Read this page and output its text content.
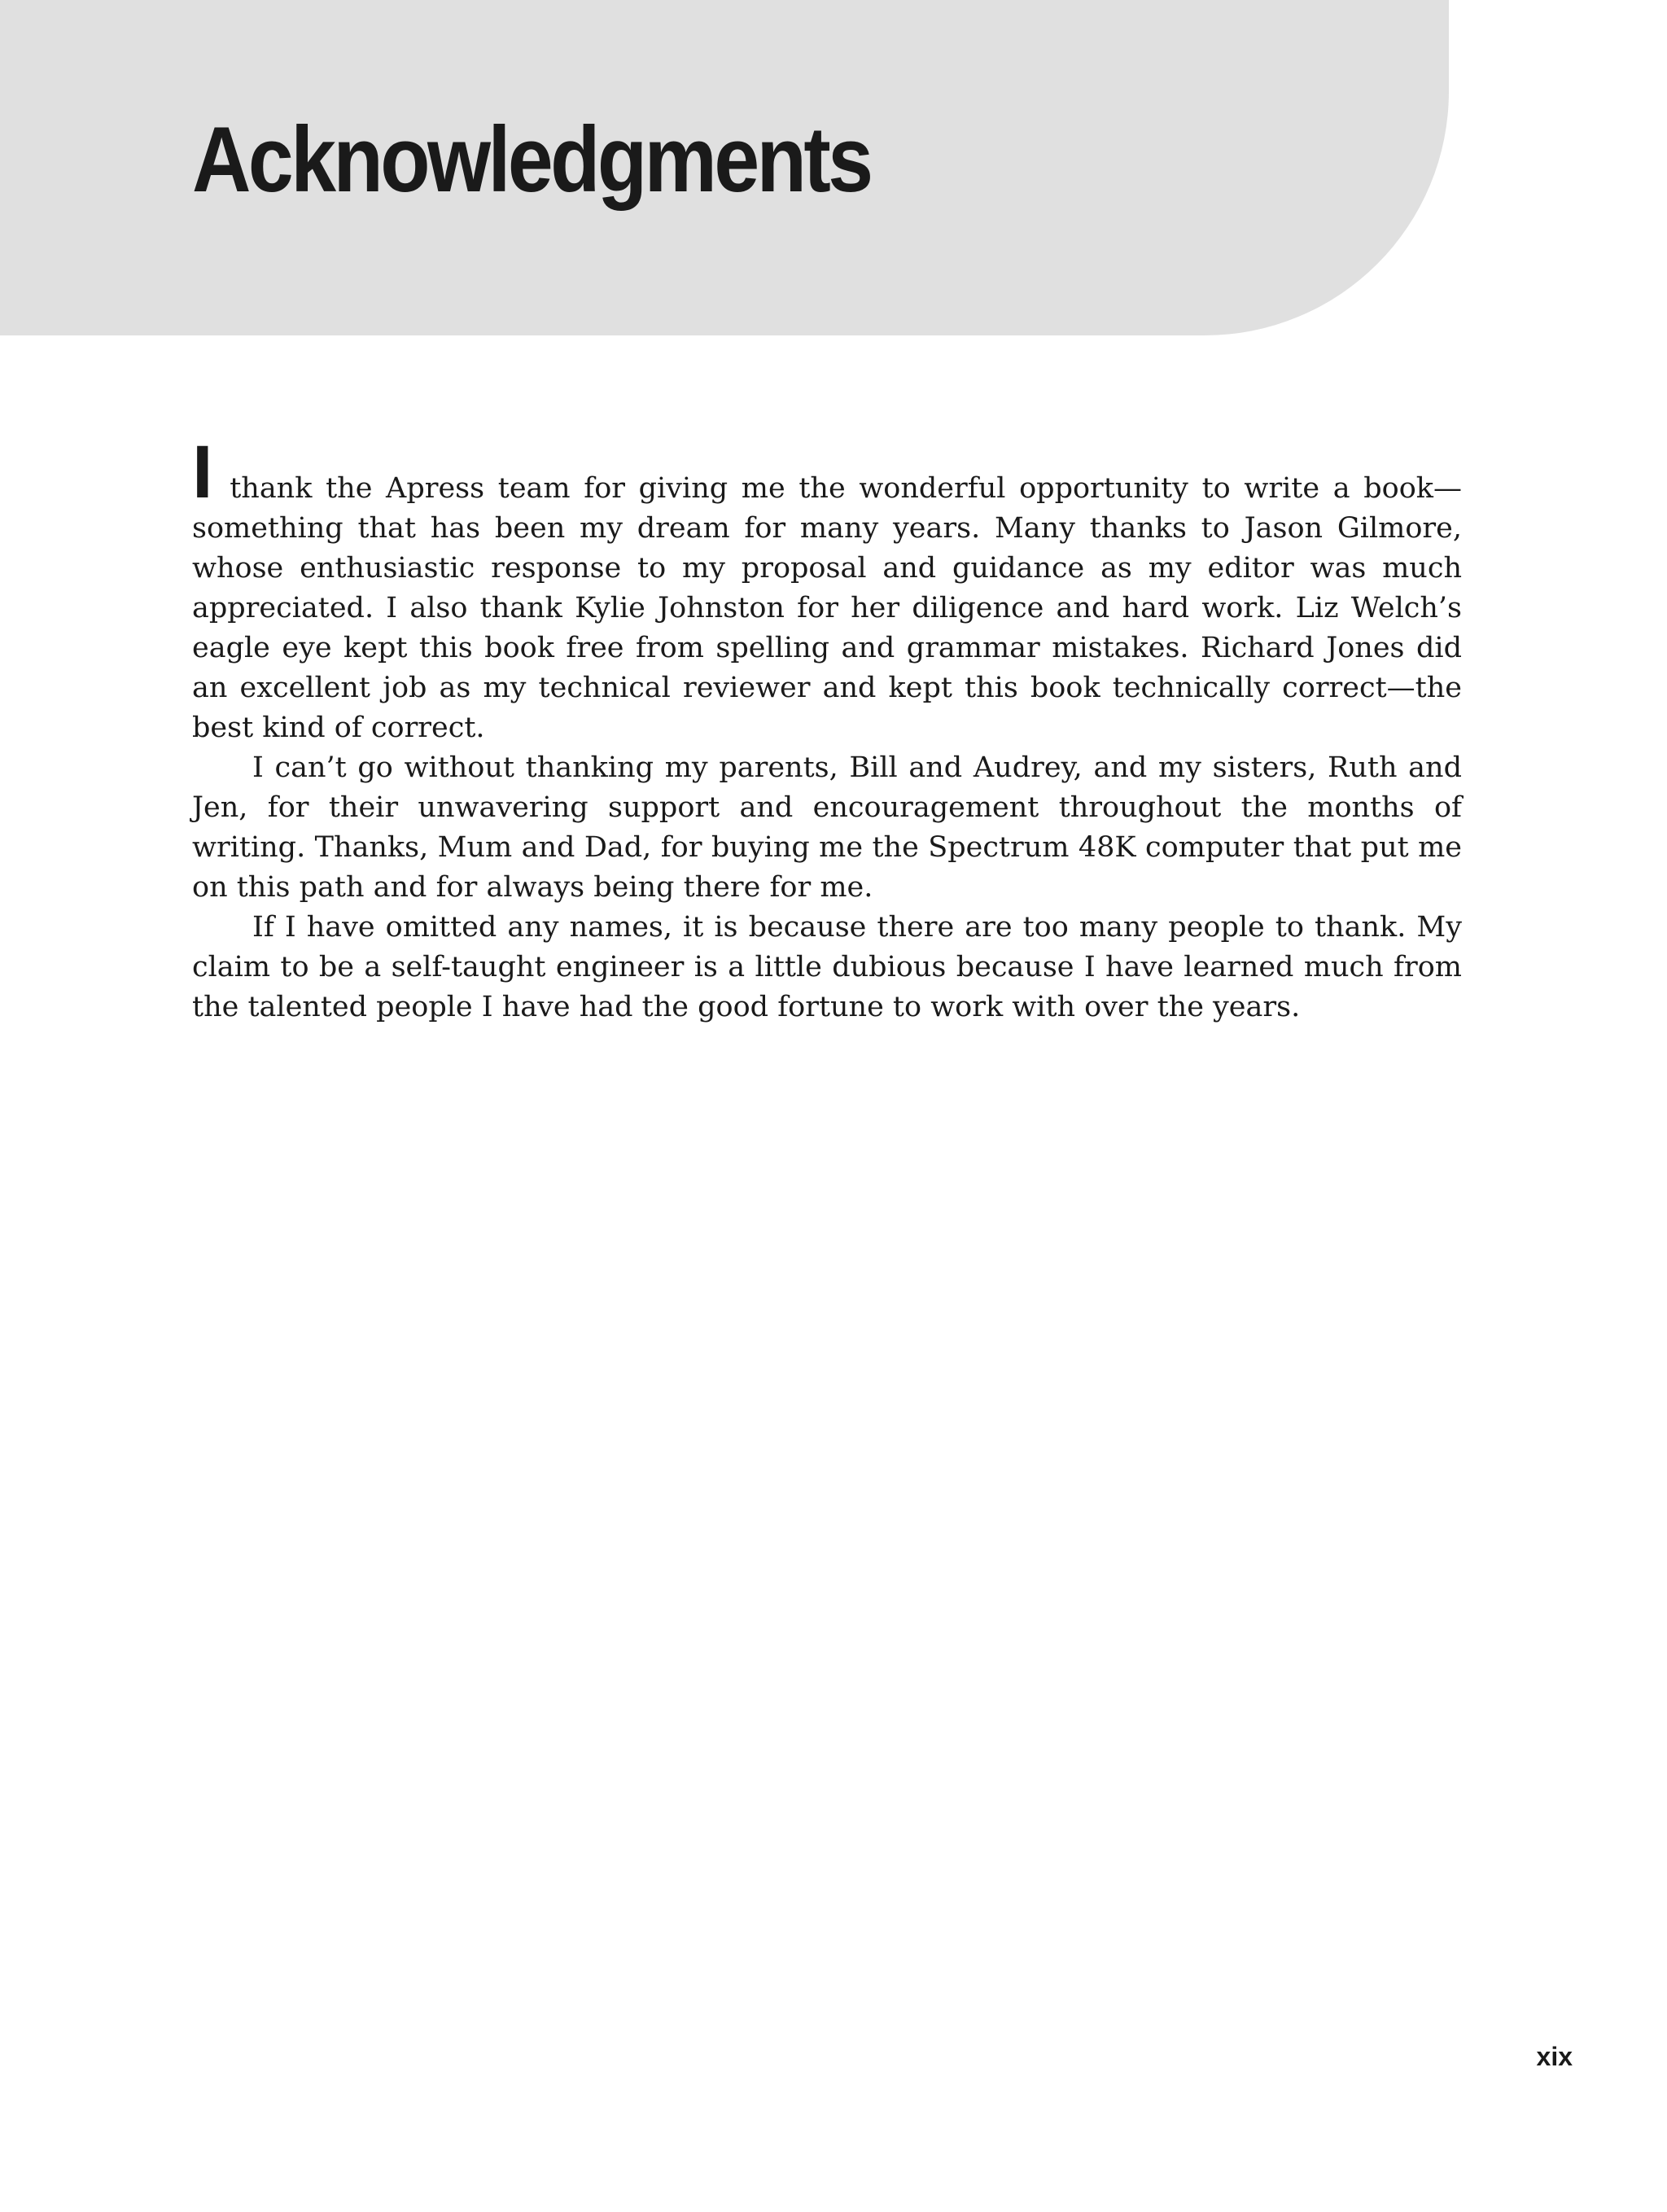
Acknowledgments

I thank the Apress team for giving me the wonderful opportunity to write a book—something that has been my dream for many years. Many thanks to Jason Gilmore, whose enthusiastic response to my proposal and guidance as my editor was much appreciated. I also thank Kylie Johnston for her diligence and hard work. Liz Welch’s eagle eye kept this book free from spelling and grammar mistakes. Richard Jones did an excellent job as my technical reviewer and kept this book technically correct—the best kind of correct.

I can’t go without thanking my parents, Bill and Audrey, and my sisters, Ruth and Jen, for their unwavering support and encouragement throughout the months of writing. Thanks, Mum and Dad, for buying me the Spectrum 48K computer that put me on this path and for always being there for me.

If I have omitted any names, it is because there are too many people to thank. My claim to be a self-taught engineer is a little dubious because I have learned much from the talented people I have had the good fortune to work with over the years.

xix
